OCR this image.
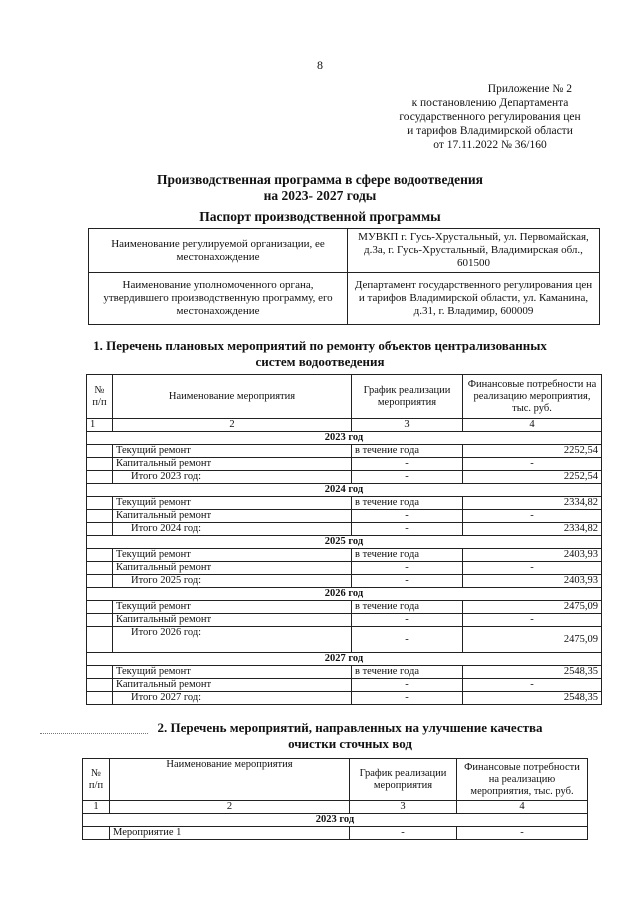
8
Приложение № 2
к постановлению Департамента
государственного регулирования цен
и тарифов Владимирской области
от 17.11.2022 № 36/160
Производственная программа в сфере водоотведения
на 2023- 2027 годы
Паспорт производственной программы
Наименование регулируемой организации, ее местонахождение	МУВКП г. Гусь-Хрустальный, ул. Первомайская, д.3а, г. Гусь-Хрустальный, Владимирская обл., 601500
Наименование уполномоченного органа, утвердившего производственную программу, его местонахождение	Департамент государственного регулирования цен и тарифов Владимирской области, ул. Каманина, д.31, г. Владимир, 600009
1. Перечень плановых мероприятий по ремонту объектов централизованных
систем водоотведения
№ п/п	Наименование мероприятия	График реализации мероприятия	Финансовые потребности на реализацию мероприятия, тыс. руб.
1	2	3	4
2023 год			
	Текущий ремонт	в течение года	2252,54
	Капитальный ремонт	-	-
	Итого 2023 год:	-	2252,54
2024 год			
	Текущий ремонт	в течение года	2334,82
	Капитальный ремонт	-	-
	Итого 2024 год:	-	2334,82
2025 год			
	Текущий ремонт	в течение года	2403,93
	Капитальный ремонт	-	-
	Итого 2025 год:	-	2403,93
2026 год			
	Текущий ремонт	в течение года	2475,09
	Капитальный ремонт	-	-
	Итого 2026 год:	-	2475,09
2027 год			
	Текущий ремонт	в течение года	2548,35
	Капитальный ремонт	-	-
	Итого 2027 год:	-	2548,35
2. Перечень мероприятий, направленных на улучшение качества
очистки сточных вод
№ п/п	Наименование мероприятия	График реализации мероприятия	Финансовые потребности на реализацию мероприятия, тыс. руб.
1	2	3	4
2023 год			
	Мероприятие 1	-	-
